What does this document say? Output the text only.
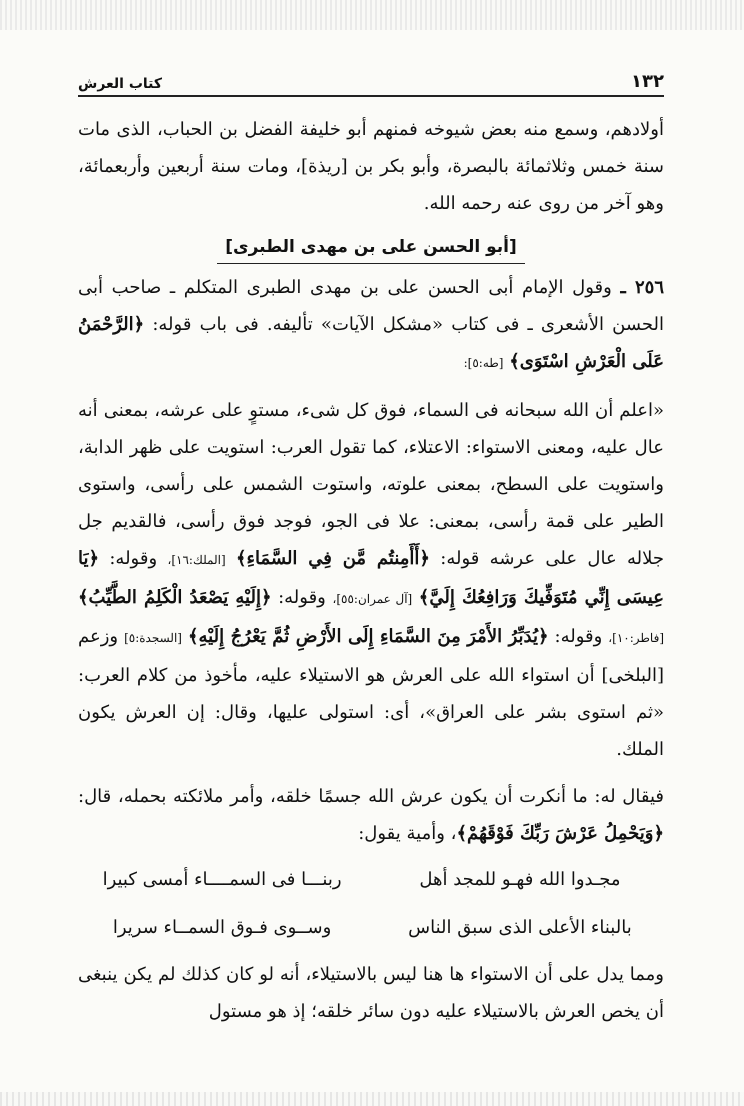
١٣٢
كتاب العرش

أولادهم، وسمع منه بعض شيوخه فمنهم أبو خليفة الفضل بن الحباب، الذى مات سنة خمس وثلاثمائة بالبصرة، وأبو بكر بن [ريذة]، ومات سنة أربعين وأربعمائة، وهو آخر من روى عنه رحمه الله.

[أبو الحسن على بن مهدى الطبرى]

٢٥٦ ـ وقول الإمام أبى الحسن على بن مهدى الطبرى المتكلم ـ صاحب أبى الحسن الأشعرى ـ فى كتاب «مشكل الآيات» تأليفه. فى باب قوله: ﴿الرَّحْمَنُ عَلَى الْعَرْشِ اسْتَوَى﴾ [طه:٥]:

«اعلم أن الله سبحانه فى السماء، فوق كل شىء، مستوٍ على عرشه، بمعنى أنه عال عليه، ومعنى الاستواء: الاعتلاء، كما تقول العرب: استويت على ظهر الدابة، واستويت على السطح، بمعنى علوته، واستوت الشمس على رأسى، واستوى الطير على قمة رأسى، بمعنى: علا فى الجو، فوجد فوق رأسى، فالقديم جل جلاله عال على عرشه قوله: ﴿أَأَمِنتُم مَّن فِي السَّمَاءِ﴾ [الملك:١٦]، وقوله: ﴿يَا عِيسَى إِنِّي مُتَوَفِّيكَ وَرَافِعُكَ إِلَيَّ﴾ [آل عمران:٥٥]، وقوله: ﴿إِلَيْهِ يَصْعَدُ الْكَلِمُ الطَّيِّبُ﴾ [فاطر:١٠]، وقوله: ﴿يُدَبِّرُ الأَمْرَ مِنَ السَّمَاءِ إِلَى الأَرْضِ ثُمَّ يَعْرُجُ إِلَيْهِ﴾ [السجدة:٥] وزعم [البلخى] أن استواء الله على العرش هو الاستيلاء عليه، مأخوذ من كلام العرب: «ثم استوى بشر على العراق»، أى: استولى عليها، وقال: إن العرش يكون الملك.

فيقال له: ما أنكرت أن يكون عرش الله جسمًا خلقه، وأمر ملائكته بحمله، قال: ﴿وَيَحْمِلُ عَرْشَ رَبِّكَ فَوْقَهُمْ﴾، وأمية يقول:

مجـدوا الله فهـو للمجد أهل
ربنـــا فى السمــــاء أمسى كبيرا
بالبناء الأعلى الذى سبق الناس
وســوى فـوق السمــاء سريرا

ومما يدل على أن الاستواء ها هنا ليس بالاستيلاء، أنه لو كان كذلك لم يكن ينبغى أن يخص العرش بالاستيلاء عليه دون سائر خلقه؛ إذ هو مستول
